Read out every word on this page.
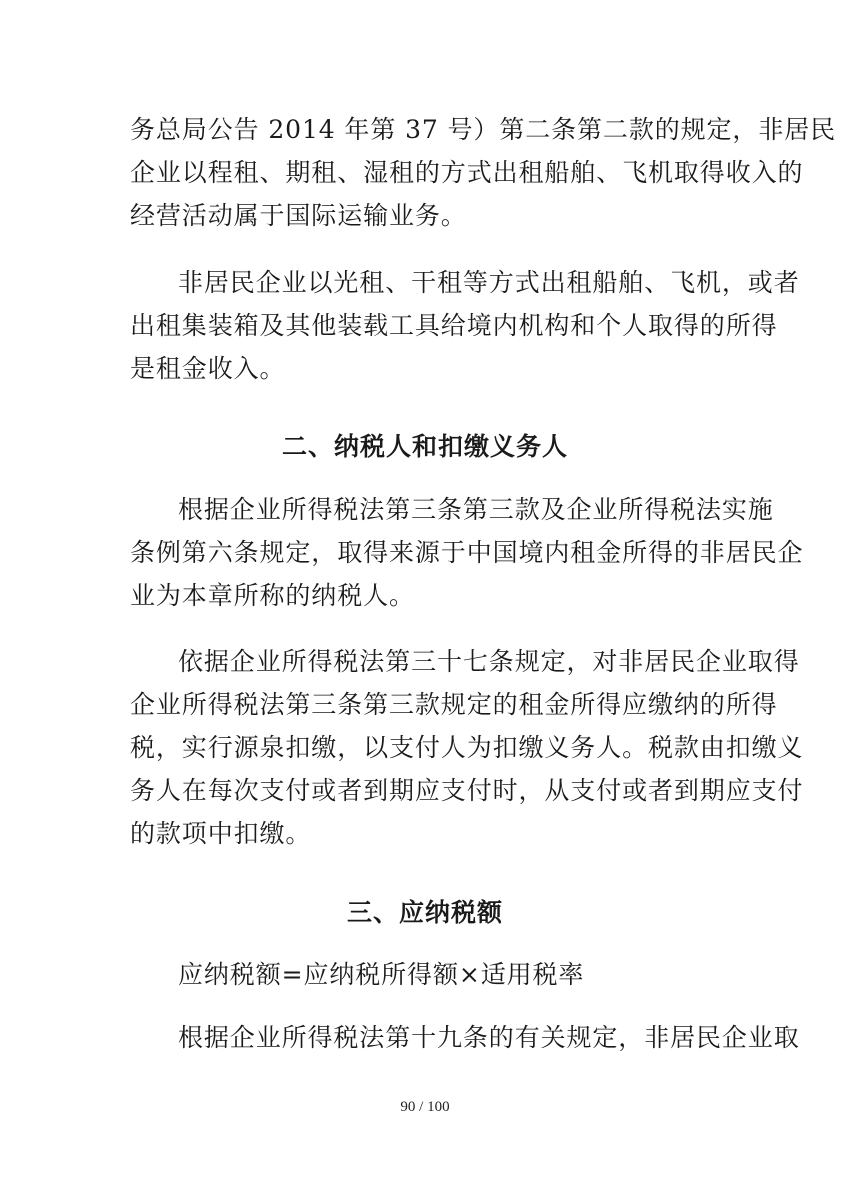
务总局公告 2014 年第 37 号）第二条第二款的规定，非居民
企业以程租、期租、湿租的方式出租船舶、飞机取得收入的
经营活动属于国际运输业务。
非居民企业以光租、干租等方式出租船舶、飞机，或者
出租集装箱及其他装载工具给境内机构和个人取得的所得
是租金收入。
二、纳税人和扣缴义务人
根据企业所得税法第三条第三款及企业所得税法实施
条例第六条规定，取得来源于中国境内租金所得的非居民企
业为本章所称的纳税人。
依据企业所得税法第三十七条规定，对非居民企业取得
企业所得税法第三条第三款规定的租金所得应缴纳的所得
税，实行源泉扣缴，以支付人为扣缴义务人。税款由扣缴义
务人在每次支付或者到期应支付时，从支付或者到期应支付
的款项中扣缴。
三、应纳税额
应纳税额=应纳税所得额×适用税率
根据企业所得税法第十九条的有关规定，非居民企业取
90 / 100
